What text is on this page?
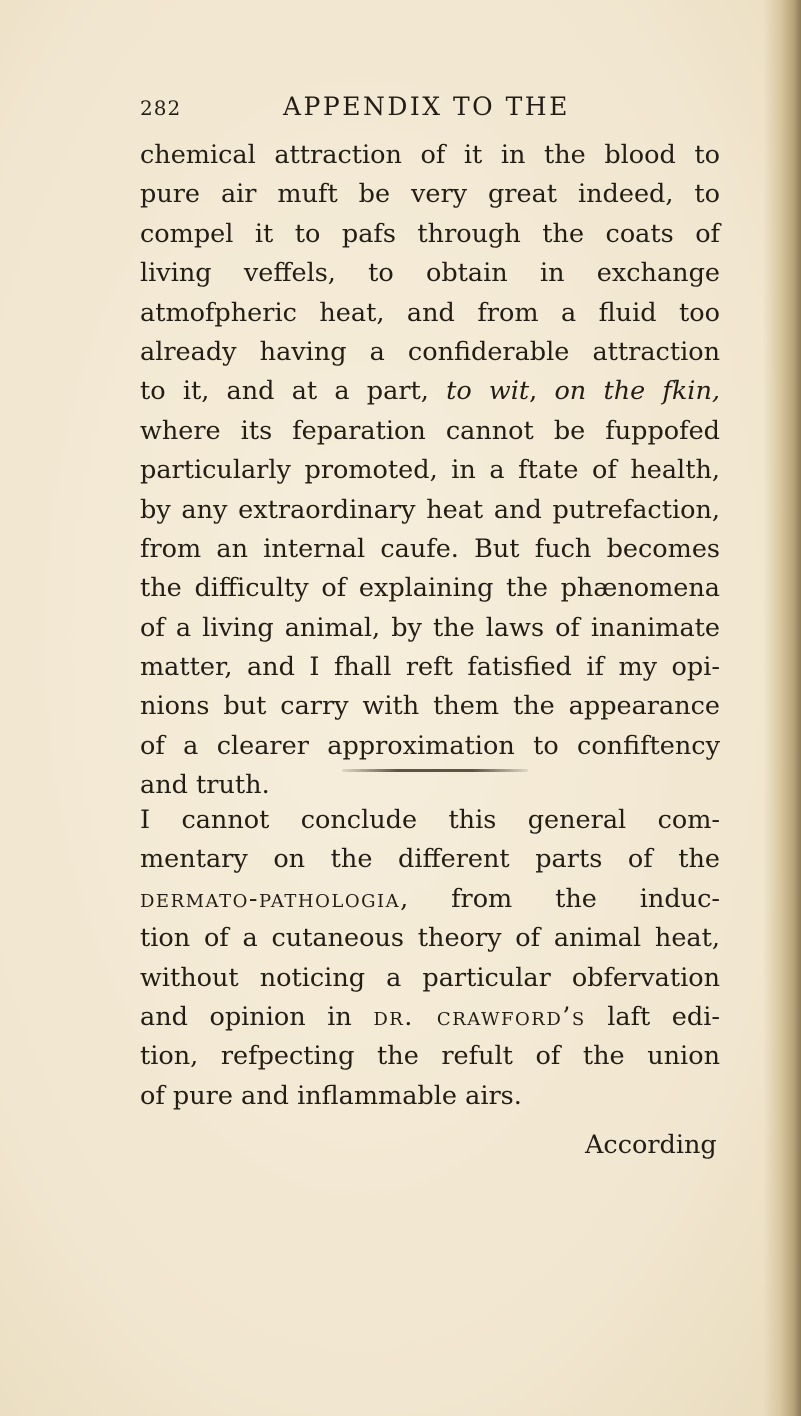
282	APPENDIX TO THE
chemical attraction of it in the blood to
pure air muft be very great indeed, to
compel it to pafs through the coats of
living veffels, to obtain in exchange
atmofpheric heat, and from a fluid too
already having a confiderable attraction
to it, and at a part, to wit, on the fkin,
where its feparation cannot be fuppofed
particularly promoted, in a ftate of health,
by any extraordinary heat and putrefaction,
from an internal caufe. But fuch becomes
the difficulty of explaining the phænomena
of a living animal, by the laws of inanimate
matter, and I fhall reft fatisfied if my opi-
nions but carry with them the appearance
of a clearer approximation to confiftency
and truth.
I cannot conclude this general com-
mentary on the different parts of the
dermato-pathologia, from the induc-
tion of a cutaneous theory of animal heat,
without noticing a particular obfervation
and opinion in dr. crawford’s laft edi-
tion, refpecting the refult of the union
of pure and inflammable airs.
According
